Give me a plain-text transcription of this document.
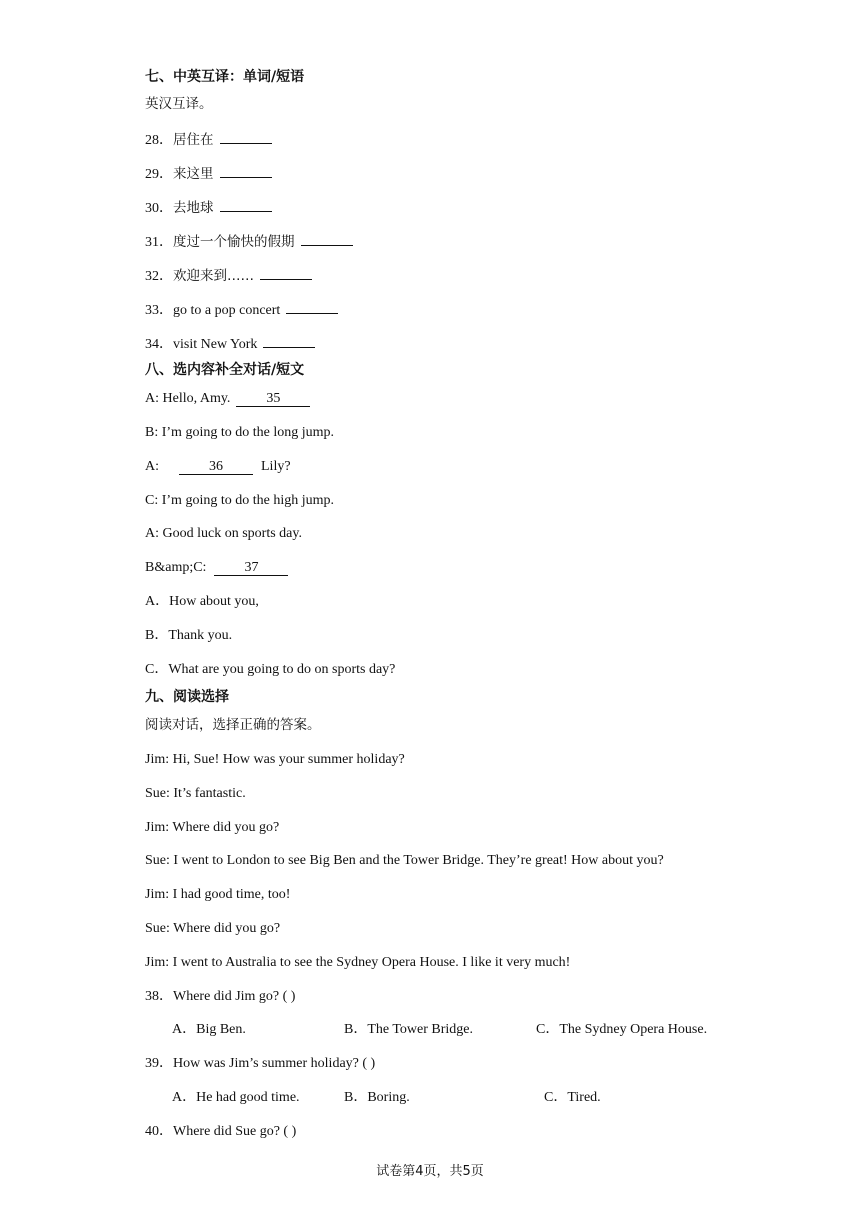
七、中英互译：单词/短语
英汉互译。
28．居住在
29．来这里
30．去地球
31．度过一个愉快的假期
32．欢迎来到……
33．go to a pop concert
34．visit New York
八、选内容补全对话/短文
A: Hello, Amy.	35
B: I’m going to do the long jump.
A:	36	Lily?
C: I’m going to do the high jump.
A: Good luck on sports day.
B&amp;C:	37
A．How about you,
B．Thank you.
C．What are you going to do on sports day?
九、阅读选择
阅读对话，选择正确的答案。
Jim: Hi, Sue! How was your summer holiday?
Sue: It’s fantastic.
Jim: Where did you go?
Sue: I went to London to see Big Ben and the Tower Bridge. They’re great! How about you?
Jim: I had good time, too!
Sue: Where did you go?
Jim: I went to Australia to see the Sydney Opera House. I like it very much!
38．Where did Jim go? ( )
A．Big Ben.	B．The Tower Bridge.	C．The Sydney Opera House.
39．How was Jim’s summer holiday? ( )
A．He had good time.	B．Boring.	C．Tired.
40．Where did Sue go? ( )
试卷第4页，共5页
